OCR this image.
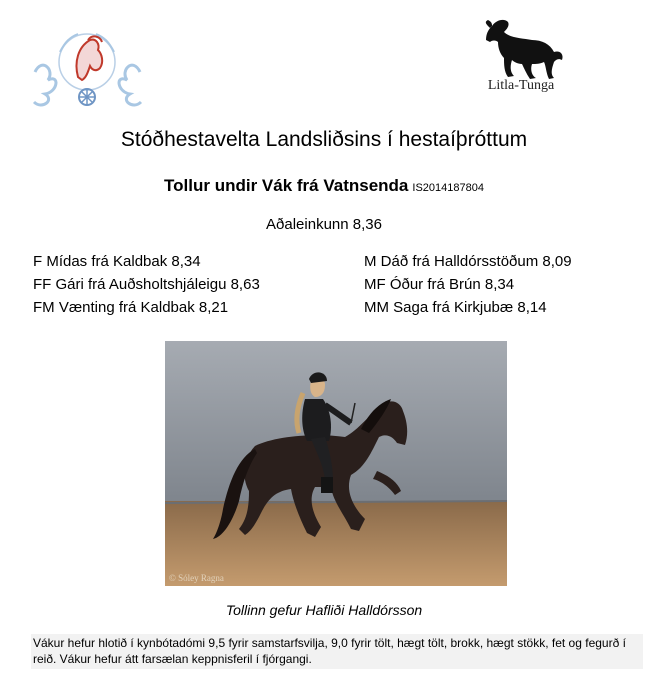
Litla-Tunga
Stóðhestavelta Landsliðsins í hestaíþróttum
Tollur undir Vák frá Vatnsenda IS2014187804
Aðaleinkunn 8,36
F Mídas frá Kaldbak 8,34
FF Gári frá Auðsholtshjáleigu 8,63
FM Vænting frá Kaldbak 8,21
M Dáð frá Halldórsstöðum 8,09
MF Óður frá Brún 8,34
MM Saga frá Kirkjubæ 8,14
© Sóley Ragna
Tollinn gefur Hafliði Halldórsson
Vákur hefur hlotið í kynbótadómi 9,5 fyrir samstarfsvilja, 9,0 fyrir tölt, hægt tölt, brokk, hægt stökk, fet og fegurð í reið. Vákur hefur átt farsælan keppnisferil í fjórgangi.
